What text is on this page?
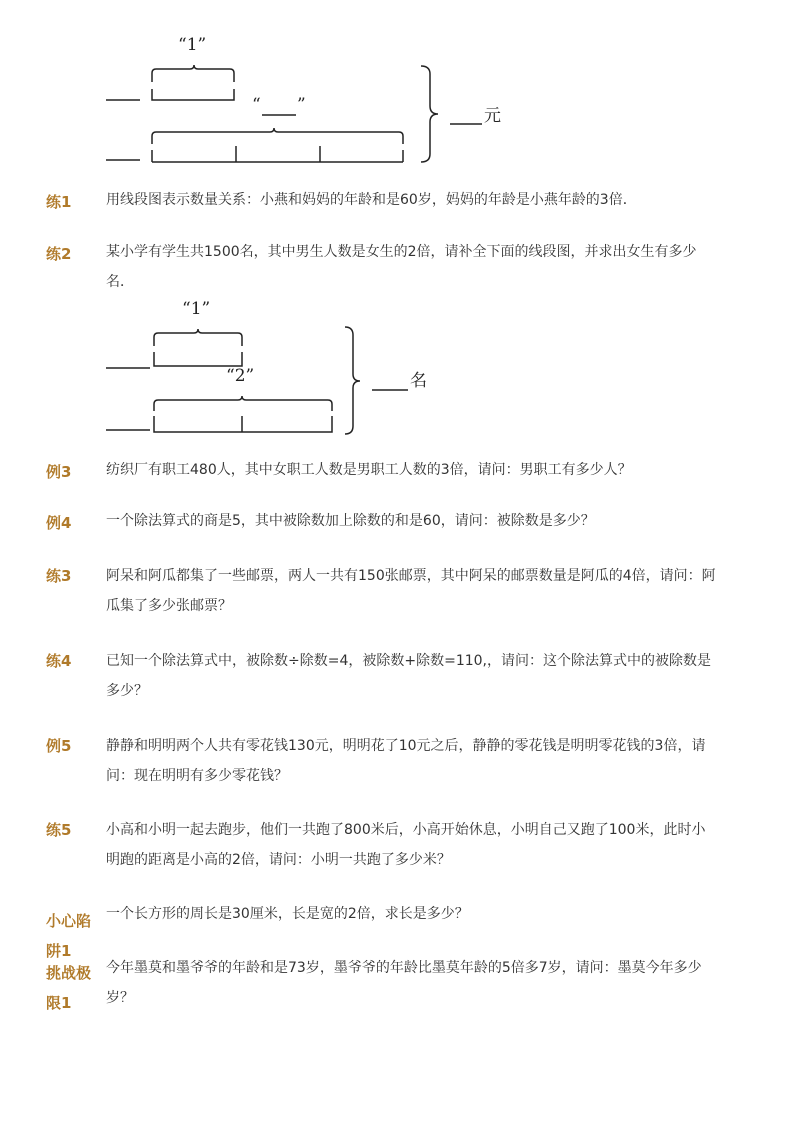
“1”
“ ”
元
“1”
“2”	名
练1 用线段图表示数量关系：小燕和妈妈的年龄和是60岁，妈妈的年龄是小燕年龄的3倍．
练2 某小学有学生共1500名，其中男生人数是女生的2倍，请补全下面的线段图，并求出女生有多少名．
例3 纺织厂有职工480人，其中女职工人数是男职工人数的3倍，请问：男职工有多少人？
例4 一个除法算式的商是5，其中被除数加上除数的和是60，请问：被除数是多少？
练3 阿呆和阿瓜都集了一些邮票，两人一共有150张邮票，其中阿呆的邮票数量是阿瓜的4倍，请问：阿瓜集了多少张邮票？
练4 已知一个除法算式中，被除数÷除数=4，被除数+除数=110,，请问：这个除法算式中的被除数是多少？
例5 静静和明明两个人共有零花钱130元，明明花了10元之后，静静的零花钱是明明零花钱的3倍，请问：现在明明有多少零花钱？
练5 小高和小明一起去跑步，他们一共跑了800米后，小高开始休息，小明自己又跑了100米，此时小明跑的距离是小高的2倍，请问：小明一共跑了多少米？
小心陷阱1
一个长方形的周长是30厘米，长是宽的2倍，求长是多少？
挑战极限1
今年墨莫和墨爷爷的年龄和是73岁，墨爷爷的年龄比墨莫年龄的5倍多7岁，请问：墨莫今年多少岁？
